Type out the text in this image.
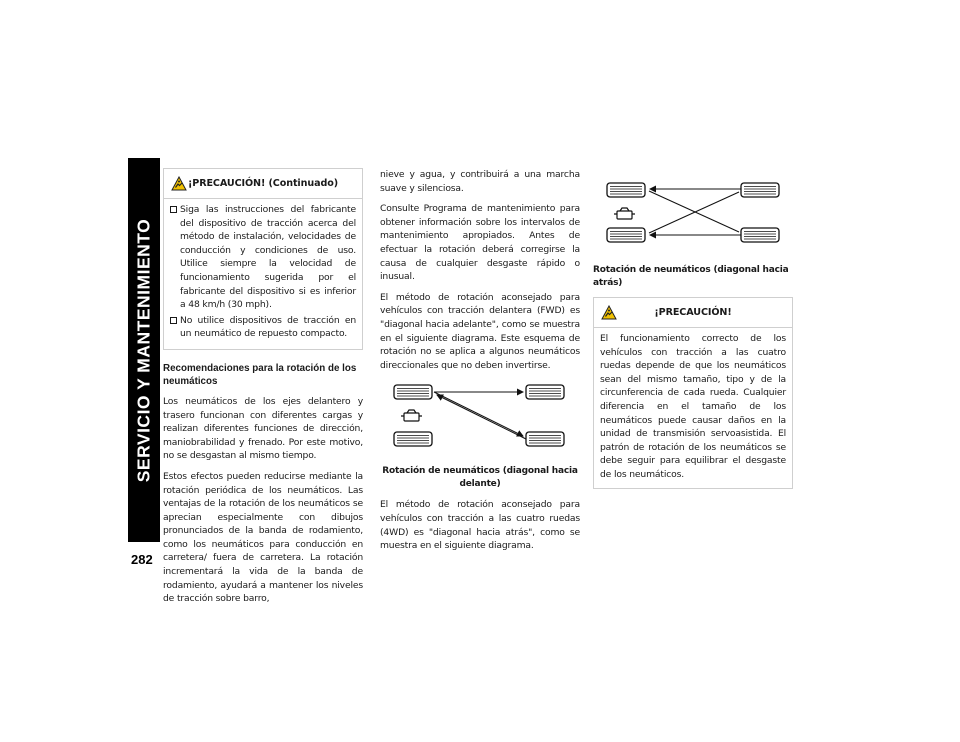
SERVICIO Y MANTENIMIENTO
282
¡PRECAUCIÓN! (Continuado)
Siga las instrucciones del fabricante del dispositivo de tracción acerca del método de instalación, velocidades de conducción y condiciones de uso. Utilice siempre la velocidad de funcionamiento sugerida por el fabricante del dispositivo si es inferior a 48 km/h (30 mph).
No utilice dispositivos de tracción en un neumático de repuesto compacto.
Recomendaciones para la rotación de los neumáticos

Los neumáticos de los ejes delantero y trasero funcionan con diferentes cargas y realizan diferentes funciones de dirección, maniobrabilidad y frenado. Por este motivo, no se desgastan al mismo tiempo.

Estos efectos pueden reducirse mediante la rotación periódica de los neumáticos. Las ventajas de la rotación de los neumáticos se aprecian especialmente con dibujos pronunciados de la banda de rodamiento, como los neumáticos para conducción en carretera/ fuera de carretera. La rotación incrementará la vida de la banda de rodamiento, ayudará a mantener los niveles de tracción sobre barro,

nieve y agua, y contribuirá a una marcha suave y silenciosa.

Consulte Programa de mantenimiento para obtener información sobre los intervalos de mantenimiento apropiados. Antes de efectuar la rotación deberá corregirse la causa de cualquier desgaste rápido o inusual.

El método de rotación aconsejado para vehículos con tracción delantera (FWD) es "diagonal hacia adelante", como se muestra en el siguiente diagrama. Este esquema de rotación no se aplica a algunos neumáticos direccionales que no deben invertirse.

Rotación de neumáticos (diagonal hacia delante)

El método de rotación aconsejado para vehículos con tracción a las cuatro ruedas (4WD) es "diagonal hacia atrás", como se muestra en el siguiente diagrama.

Rotación de neumáticos (diagonal hacia atrás)
¡PRECAUCIÓN!

El funcionamiento correcto de los vehículos con tracción a las cuatro ruedas depende de que los neumáticos sean del mismo tamaño, tipo y de la circunferencia de cada rueda. Cualquier diferencia en el tamaño de los neumáticos puede causar daños en la unidad de transmisión servoasistida. El patrón de rotación de los neumáticos se debe seguir para equilibrar el desgaste de los neumáticos.
